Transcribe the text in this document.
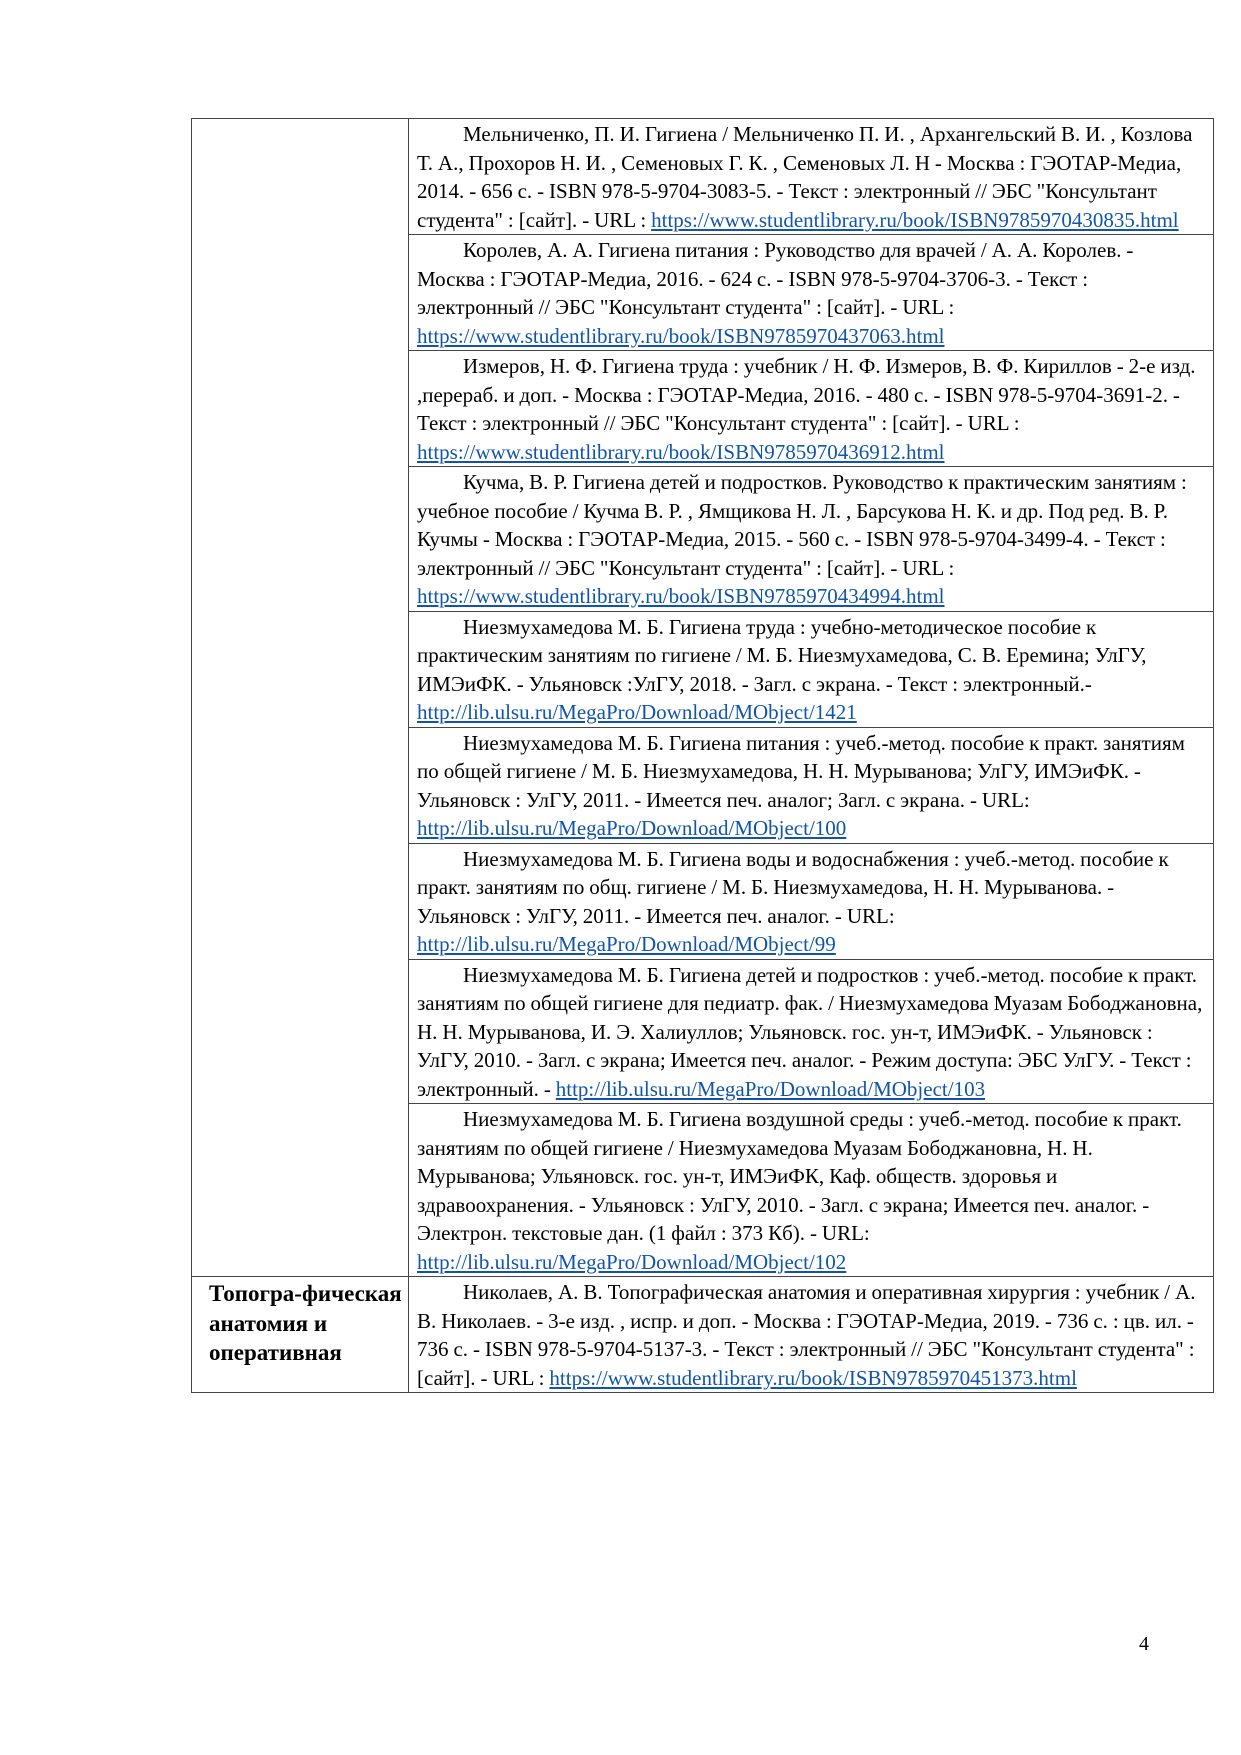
	Мельниченко, П. И. Гигиена / Мельниченко П. И. , Архангельский В. И. , Козлова Т. А., Прохоров Н. И. , Семеновых Г. К. , Семеновых Л. Н - Москва : ГЭОТАР-Медиа, 2014. - 656 с. - ISBN 978-5-9704-3083-5. - Текст : электронный // ЭБС "Консультант студента" : [сайт]. - URL : https://www.studentlibrary.ru/book/ISBN9785970430835.html

	Королев, А. А. Гигиена питания : Руководство для врачей / А. А. Королев. - Москва : ГЭОТАР-Медиа, 2016. - 624 с. - ISBN 978-5-9704-3706-3. - Текст : электронный // ЭБС "Консультант студента" : [сайт]. - URL : https://www.studentlibrary.ru/book/ISBN9785970437063.html

	Измеров, Н. Ф. Гигиена труда : учебник / Н. Ф. Измеров, В. Ф. Кириллов - 2-е изд. ,перераб. и доп. - Москва : ГЭОТАР-Медиа, 2016. - 480 с. - ISBN 978-5-9704-3691-2. - Текст : электронный // ЭБС "Консультант студента" : [сайт]. - URL : https://www.studentlibrary.ru/book/ISBN9785970436912.html

	Кучма, В. Р. Гигиена детей и подростков. Руководство к практическим занятиям : учебное пособие / Кучма В. Р. , Ямщикова Н. Л. , Барсукова Н. К. и др. Под ред. В. Р. Кучмы - Москва : ГЭОТАР-Медиа, 2015. - 560 с. - ISBN 978-5-9704-3499-4. - Текст : электронный // ЭБС "Консультант студента" : [сайт]. - URL : https://www.studentlibrary.ru/book/ISBN9785970434994.html

	Ниезмухамедова М. Б. Гигиена труда : учебно-методическое пособие к практическим занятиям по гигиене / М. Б. Ниезмухамедова, С. В. Еремина; УлГУ, ИМЭиФК. - Ульяновск :УлГУ, 2018. - Загл. с экрана. - Текст : электронный.- http://lib.ulsu.ru/MegaPro/Download/MObject/1421

	Ниезмухамедова М. Б. Гигиена питания : учеб.-метод. пособие к практ. занятиям по общей гигиене / М. Б. Ниезмухамедова, Н. Н. Мурыванова; УлГУ, ИМЭиФК. - Ульяновск : УлГУ, 2011. - Имеется печ. аналог; Загл. с экрана. - URL: http://lib.ulsu.ru/MegaPro/Download/MObject/100

	Ниезмухамедова М. Б. Гигиена воды и водоснабжения : учеб.-метод. пособие к практ. занятиям по общ. гигиене / М. Б. Ниезмухамедова, Н. Н. Мурыванова. - Ульяновск : УлГУ, 2011. - Имеется печ. аналог. - URL: http://lib.ulsu.ru/MegaPro/Download/MObject/99

	Ниезмухамедова М. Б. Гигиена детей и подростков : учеб.-метод. пособие к практ. занятиям по общей гигиене для педиатр. фак. / Ниезмухамедова Муазам Бободжановна, Н. Н. Мурыванова, И. Э. Халиуллов; Ульяновск. гос. ун-т, ИМЭиФК. - Ульяновск : УлГУ, 2010. - Загл. с экрана; Имеется печ. аналог. - Режим доступа: ЭБС УлГУ. - Текст : электронный. - http://lib.ulsu.ru/MegaPro/Download/MObject/103

	Ниезмухамедова М. Б. Гигиена воздушной среды : учеб.-метод. пособие к практ. занятиям по общей гигиене / Ниезмухамедова Муазам Бободжановна, Н. Н. Мурыванова; Ульяновск. гос. ун-т, ИМЭиФК, Каф. обществ. здоровья и здравоохранения. - Ульяновск : УлГУ, 2010. - Загл. с экрана; Имеется печ. аналог. - Электрон. текстовые дан. (1 файл : 373 Кб). - URL: http://lib.ulsu.ru/MegaPro/Download/MObject/102

Топогра-фическая анатомия и оперативная	Николаев, А. В. Топографическая анатомия и оперативная хирургия : учебник / А. В. Николаев. - 3-е изд. , испр. и доп. - Москва : ГЭОТАР-Медиа, 2019. - 736 с. : цв. ил. - 736 с. - ISBN 978-5-9704-5137-3. - Текст : электронный // ЭБС "Консультант студента" : [сайт]. - URL : https://www.studentlibrary.ru/book/ISBN9785970451373.html
4
